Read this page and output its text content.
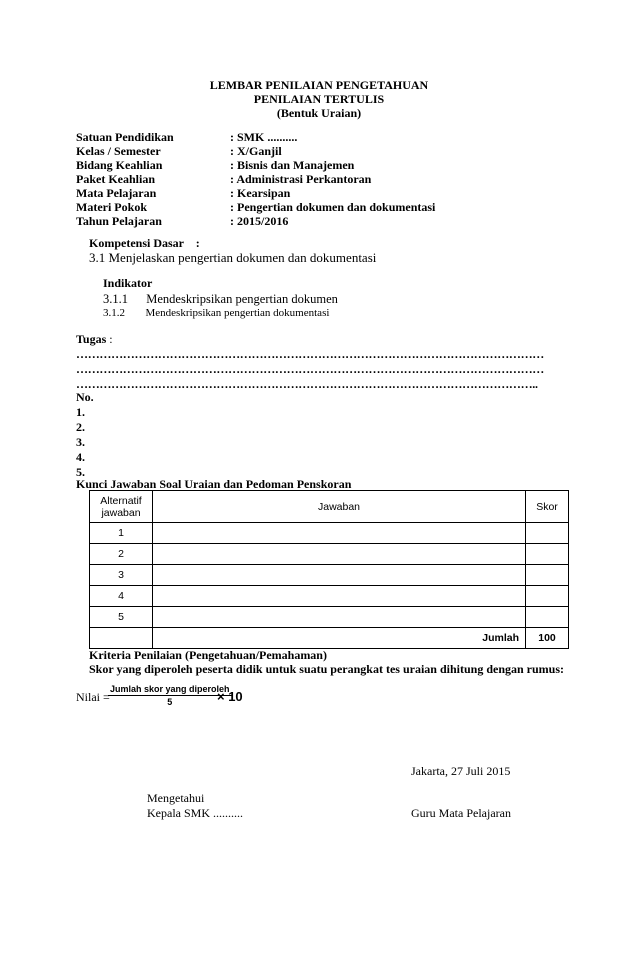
LEMBAR PENILAIAN PENGETAHUAN
PENILAIAN TERTULIS
(Bentuk Uraian)
Satuan Pendidikan	: SMK ..........
Kelas / Semester	: X/Ganjil
Bidang Keahlian	: Bisnis dan Manajemen
Paket Keahlian	: Administrasi Perkantoran
Mata Pelajaran	: Kearsipan
Materi Pokok	: Pengertian dokumen dan dokumentasi
Tahun Pelajaran	: 2015/2016
Kompetensi Dasar    :
3.1 Menjelaskan pengertian dokumen dan dokumentasi
Indikator
3.1.1 Mendeskripsikan pengertian dokumen
3.1.2 Mendeskripsikan pengertian dokumentasi
Tugas :
…………………………………………………………………………………………………………
…………………………………………………………………………………………………………
………………………………………………………………………………………………………..
No.
1.
2.
3.
4.
5.
Kunci Jawaban Soal Uraian dan Pedoman Penskoran
Alternatif
jawaban	Jawaban	Skor
1		
2		
3		
4		
5		
	Jumlah	100
Kriteria Penilaian (Pengetahuan/Pemahaman)
Skor yang diperoleh peserta didik untuk suatu perangkat tes uraian dihitung dengan rumus:
Nilai =
Jumlah skor yang diperoleh
5	× 10
Jakarta, 27 Juli 2015
Mengetahui
Kepala SMK ..........	Guru Mata Pelajaran
